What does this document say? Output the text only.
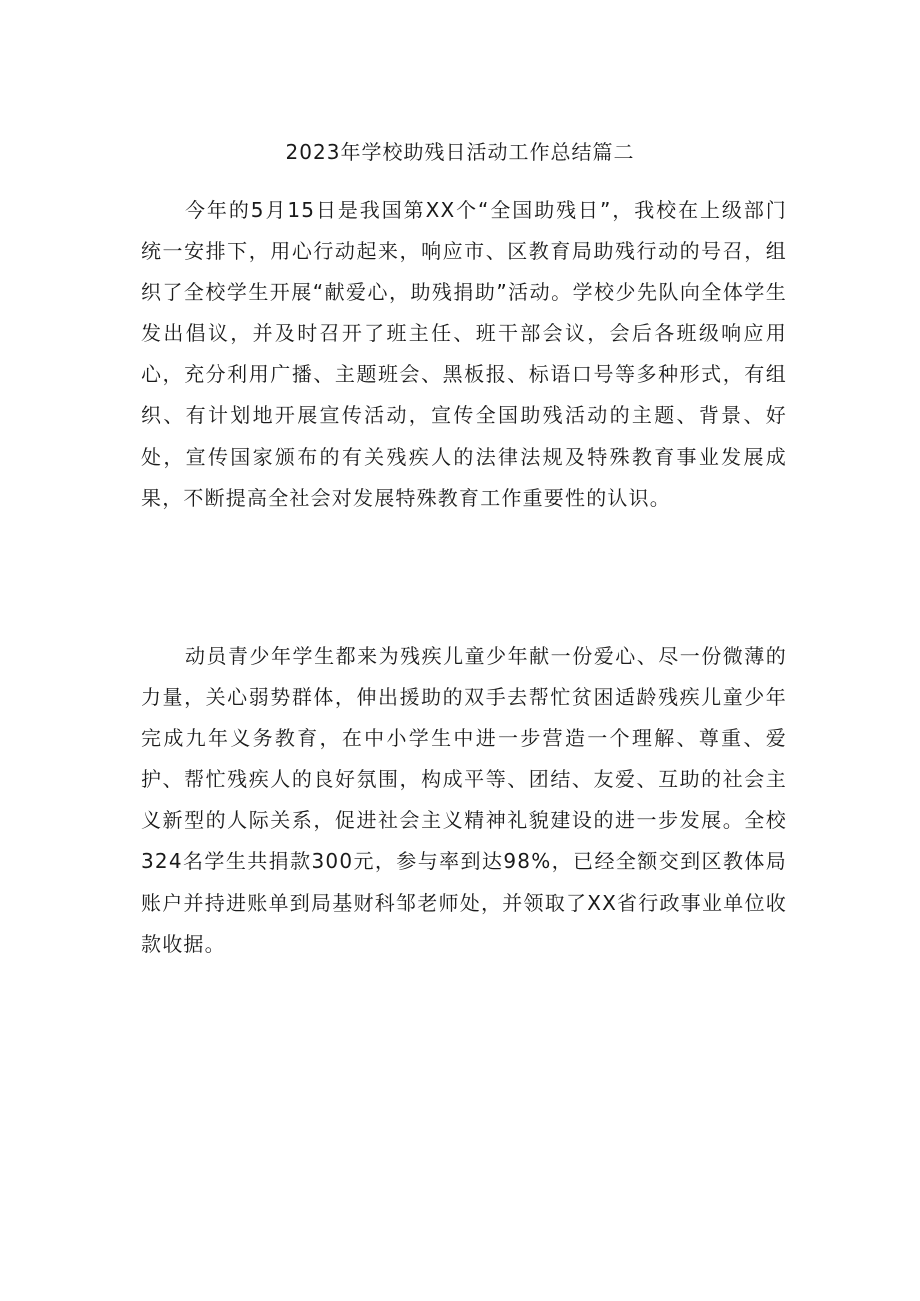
2023年学校助残日活动工作总结篇二

今年的5月15日是我国第XX个“全国助残日”，我校在上级部门统一安排下，用心行动起来，响应市、区教育局助残行动的号召，组织了全校学生开展“献爱心，助残捐助”活动。学校少先队向全体学生发出倡议，并及时召开了班主任、班干部会议，会后各班级响应用心，充分利用广播、主题班会、黑板报、标语口号等多种形式，有组织、有计划地开展宣传活动，宣传全国助残活动的主题、背景、好处，宣传国家颁布的有关残疾人的法律法规及特殊教育事业发展成果，不断提高全社会对发展特殊教育工作重要性的认识。

动员青少年学生都来为残疾儿童少年献一份爱心、尽一份微薄的力量，关心弱势群体，伸出援助的双手去帮忙贫困适龄残疾儿童少年完成九年义务教育，在中小学生中进一步营造一个理解、尊重、爱护、帮忙残疾人的良好氛围，构成平等、团结、友爱、互助的社会主义新型的人际关系，促进社会主义精神礼貌建设的进一步发展。全校324名学生共捐款300元，参与率到达98%，已经全额交到区教体局账户并持进账单到局基财科邹老师处，并领取了XX省行政事业单位收款收据。
